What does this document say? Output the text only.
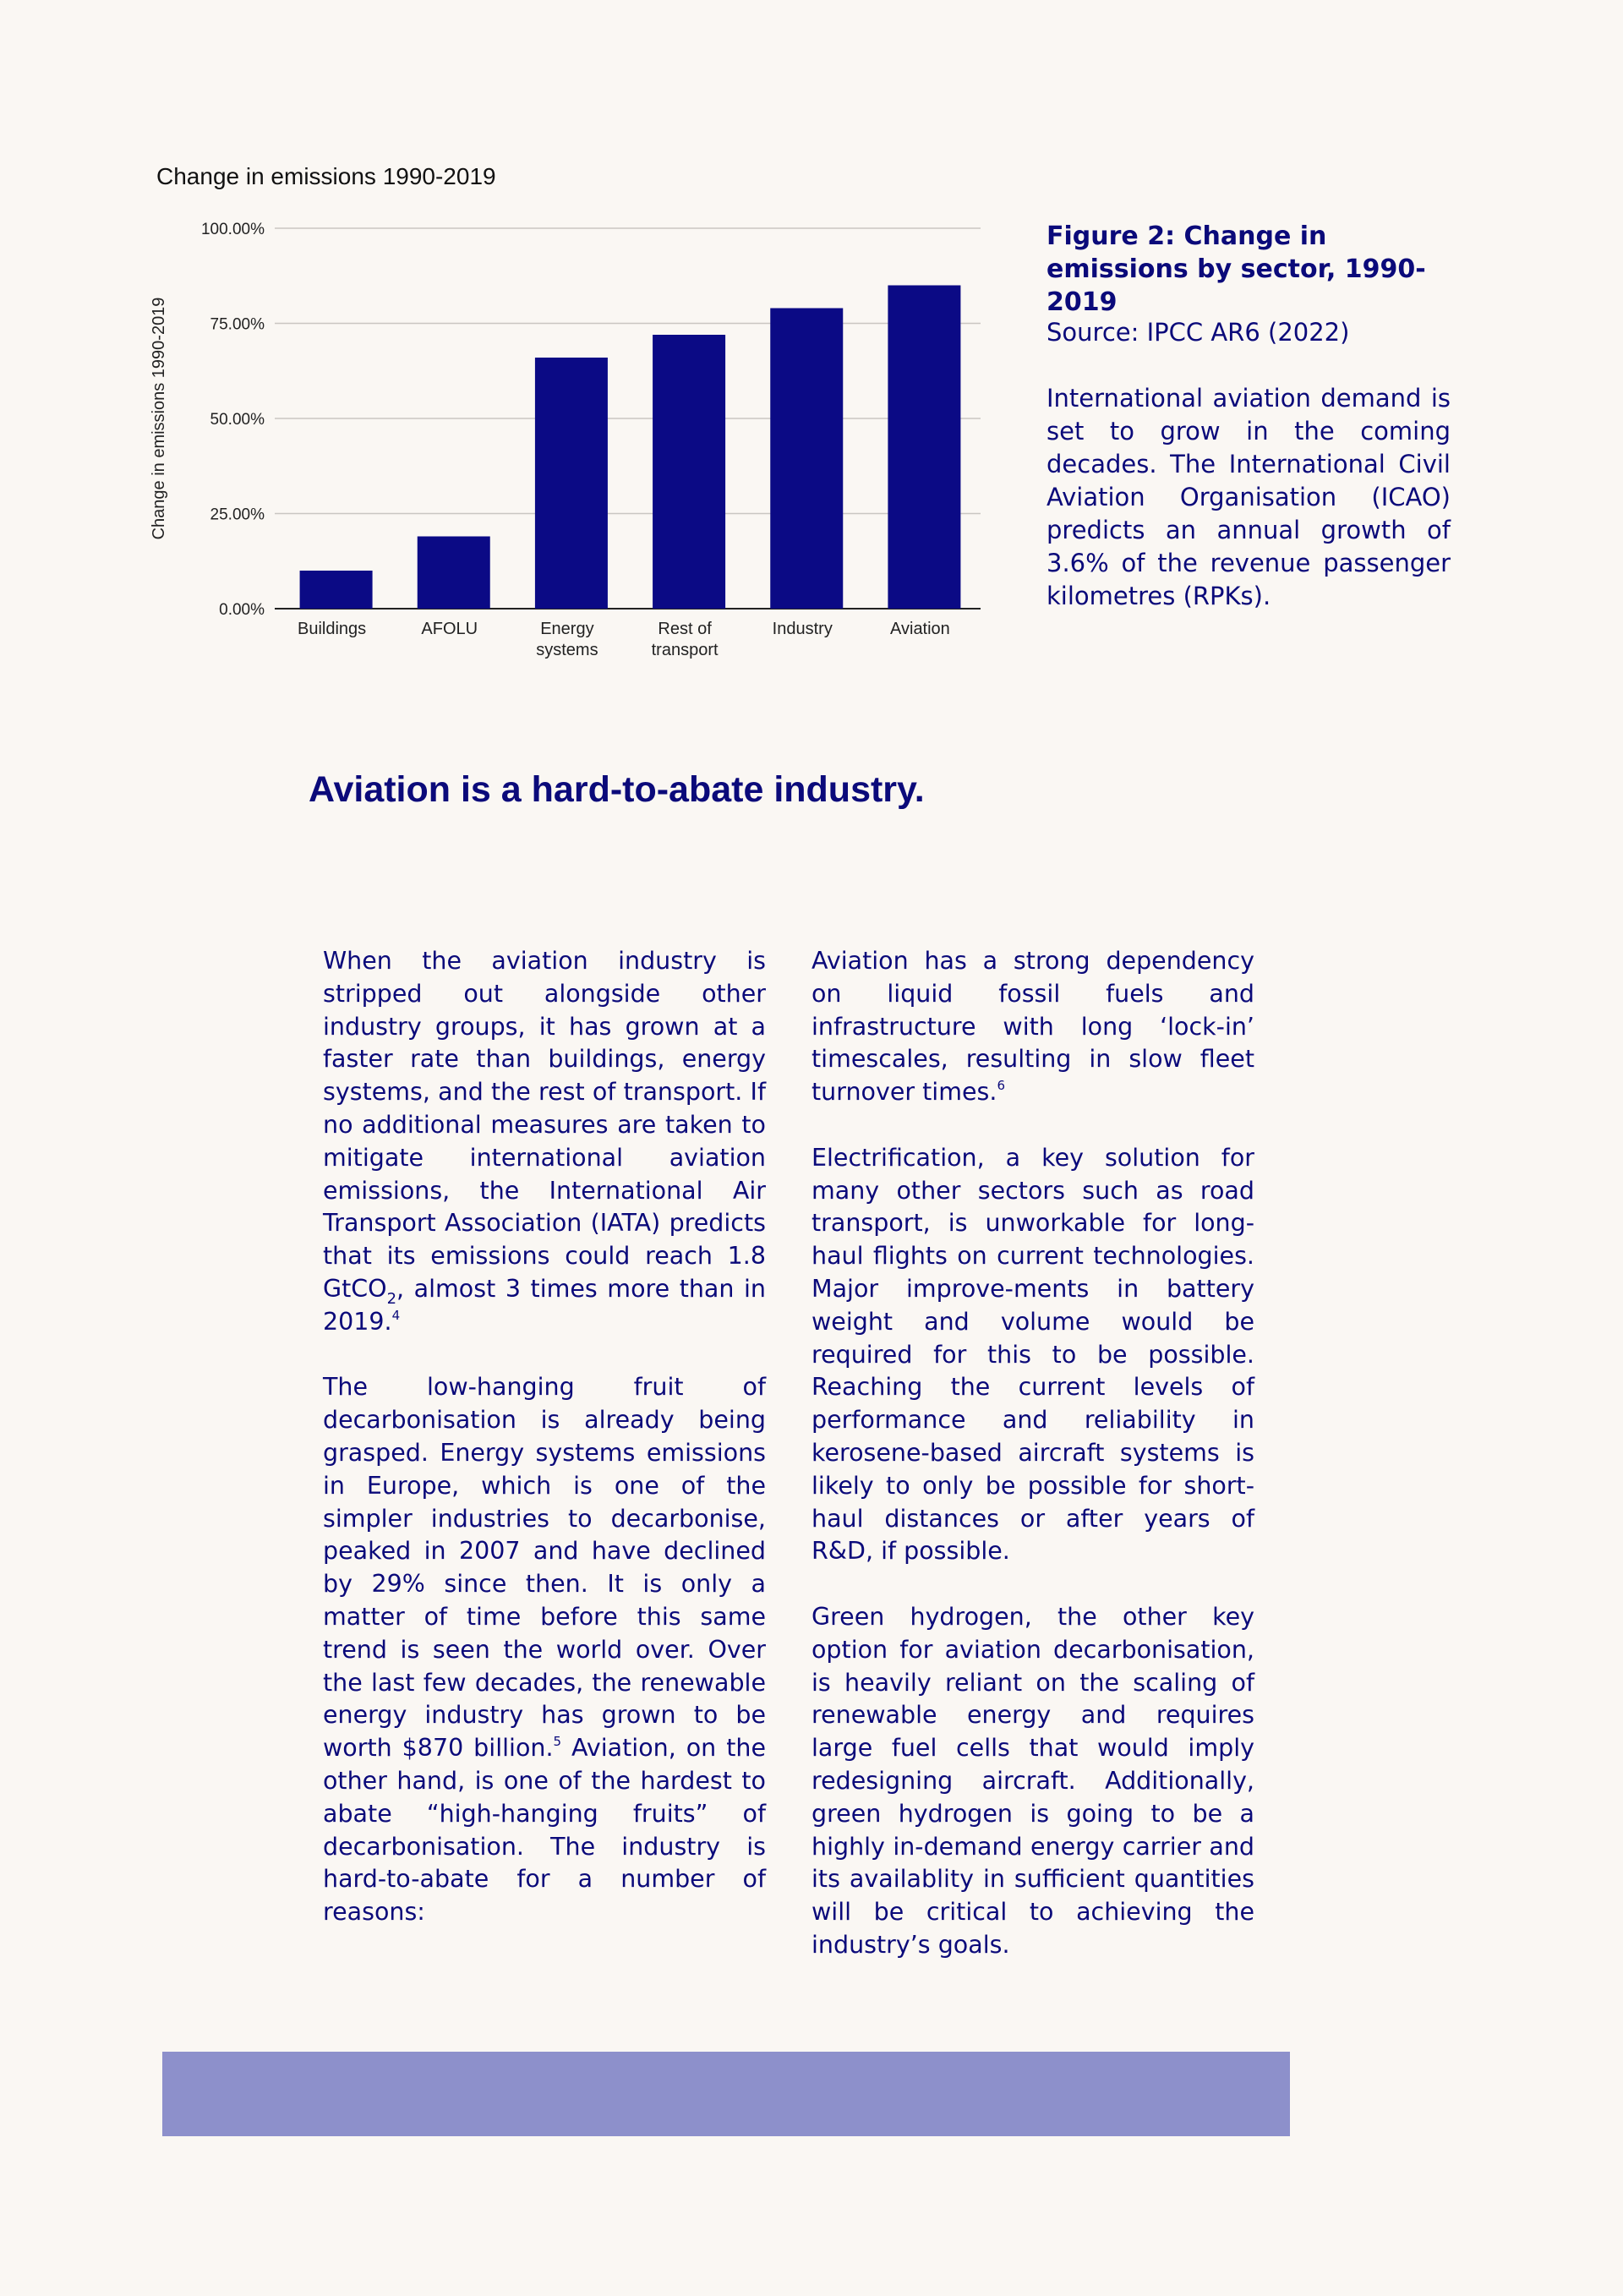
Change in emissions 1990-2019
0.00%
25.00%
50.00%
75.00%
100.00%
Change in emissions 1990-2019
Buildings	AFOLU	Energy
systems
Rest of
transport
Industry	Aviation

Figure 2: Change in emissions by sector, 1990-2019

Source: IPCC AR6 (2022)

International aviation demand is set to grow in the coming decades. The International Civil Aviation Organisation (ICAO) predicts an annual growth of 3.6% of the revenue passenger kilometres (RPKs).

Aviation is a hard-to-abate industry.

When the aviation industry is stripped out alongside other industry groups, it has grown at a faster rate than buildings, energy systems, and the rest of transport. If no additional measures are taken to mitigate international aviation emissions, the International Air Transport Association (IATA) predicts that its emissions could reach 1.8 GtCO$_2$, almost 3 times more than in 2019.$^4$

The low-hanging fruit of decarbonisation is already being grasped. Energy systems emissions in Europe, which is one of the simpler industries to decarbonise, peaked in 2007 and have declined by 29% since then. It is only a matter of time before this same trend is seen the world over. Over the last few decades, the renewable energy industry has grown to be worth $870 billion.$^5$ Aviation, on the other hand, is one of the hardest to abate “high-hanging fruits” of decarbonisation. The industry is hard-to-abate for a number of reasons:

Aviation has a strong dependency on liquid fossil fuels and infrastructure with long ‘lock-in’ timescales, resulting in slow fleet turnover times.$^6$

Electrification, a key solution for many other sectors such as road transport, is unworkable for long-haul flights on current technologies. Major improve-ments in battery weight and volume would be required for this to be possible. Reaching the current levels of performance and reliability in kerosene-based aircraft systems is likely to only be possible for short-haul distances or after years of R&D, if possible.

Green hydrogen, the other key option for aviation decarbonisation, is heavily reliant on the scaling of renewable energy and requires large fuel cells that would imply redesigning aircraft. Additionally, green hydrogen is going to be a highly in-demand energy carrier and its availablity in sufficient quantities will be critical to achieving the industry’s goals.
